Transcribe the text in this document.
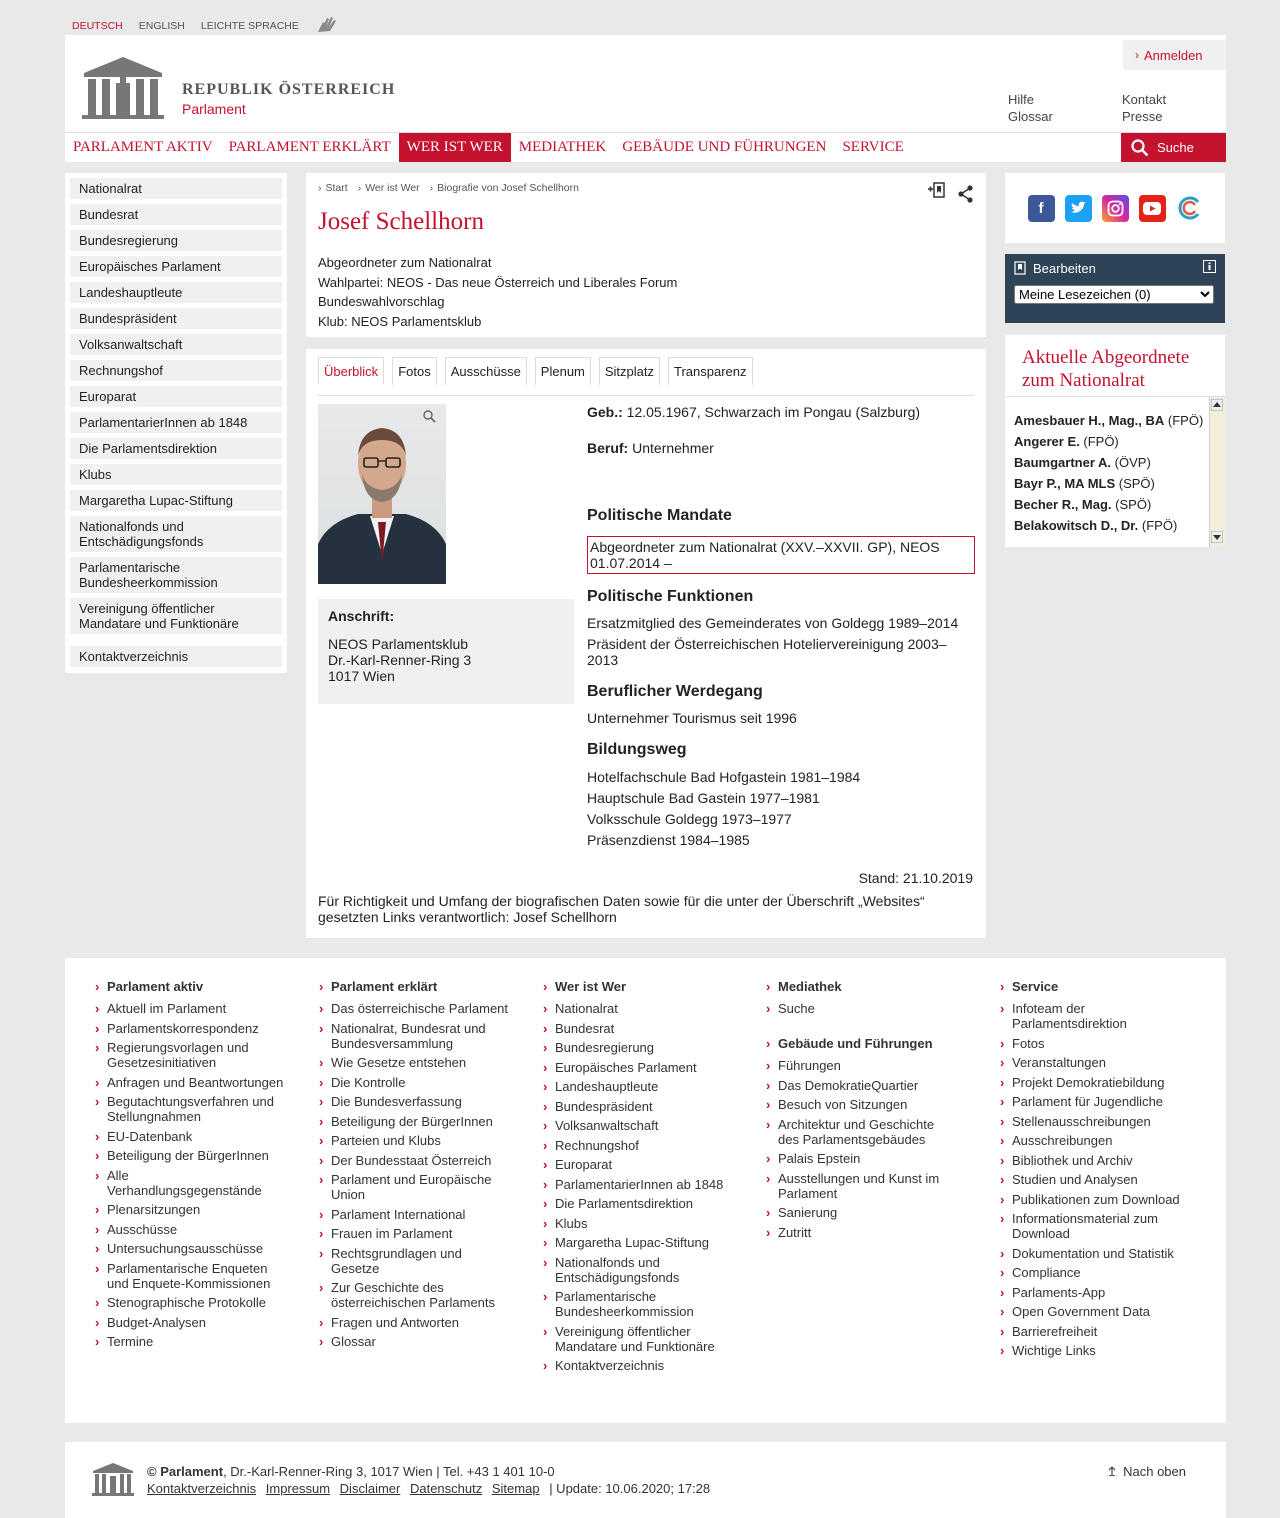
DEUTSCH ENGLISH LEICHTE SPRACHE
› Anmelden
REPUBLIK ÖSTERREICH
Parlament
Hilfe	Kontakt
Glossar	Presse
PARLAMENT AKTIV	PARLAMENT ERKLÄRT	WER IST WER	MEDIATHEK	GEBÄUDE UND FÜHRUNGEN	SERVICE	Suche
Nationalrat
Bundesrat
Bundesregierung
Europäisches Parlament
Landeshauptleute
Bundespräsident
Volksanwaltschaft
Rechnungshof
Europarat
ParlamentarierInnen ab 1848
Die Parlamentsdirektion
Klubs
Margaretha Lupac-Stiftung
Nationalfonds und Entschädigungsfonds
Parlamentarische Bundesheerkommission
Vereinigung öffentlicher Mandatare und Funktionäre
Kontaktverzeichnis
› Start	› Wer ist Wer	› Biografie von Josef Schellhorn
Josef Schellhorn
Abgeordneter zum Nationalrat
Wahlpartei: NEOS - Das neue Österreich und Liberales Forum
Bundeswahlvorschlag
Klub: NEOS Parlamentsklub
Überblick	Fotos	Ausschüsse	Plenum	Sitzplatz	Transparenz
Anschrift:
NEOS Parlamentsklub
Dr.-Karl-Renner-Ring 3
1017 Wien
Geb.: 12.05.1967, Schwarzach im Pongau (Salzburg)
Beruf: Unternehmer
Politische Mandate
Abgeordneter zum Nationalrat (XXV.–XXVII. GP), NEOS
01.07.2014 –
Politische Funktionen
Ersatzmitglied des Gemeinderates von Goldegg 1989–2014
Präsident der Österreichischen Hoteliervereinigung 2003–2013
Beruflicher Werdegang
Unternehmer Tourismus seit 1996
Bildungsweg
Hotelfachschule Bad Hofgastein 1981–1984
Hauptschule Bad Gastein 1977–1981
Volksschule Goldegg 1973–1977
Präsenzdienst 1984–1985
Stand: 21.10.2019
Für Richtigkeit und Umfang der biografischen Daten sowie für die unter der Überschrift „Websites“ gesetzten Links verantwortlich: Josef Schellhorn
f
Bearbeiten
Meine Lesezeichen (0)
Aktuelle Abgeordnete zum Nationalrat
Amesbauer H., Mag., BA (FPÖ)
Angerer E. (FPÖ)
Baumgartner A. (ÖVP)
Bayr P., MA MLS (SPÖ)
Becher R., Mag. (SPÖ)
Belakowitsch D., Dr. (FPÖ)
› Parlament aktiv
› Aktuell im Parlament
› Parlamentskorrespondenz
› Regierungsvorlagen und Gesetzesinitiativen
› Anfragen und Beantwortungen
› Begutachtungsverfahren und Stellungnahmen
› EU-Datenbank
› Beteiligung der BürgerInnen
› Alle Verhandlungsgegenstände
› Plenarsitzungen
› Ausschüsse
› Untersuchungsausschüsse
› Parlamentarische Enqueten und Enquete-Kommissionen
› Stenographische Protokolle
› Budget-Analysen
› Termine
› Parlament erklärt
› Das österreichische Parlament
› Nationalrat, Bundesrat und Bundesversammlung
› Wie Gesetze entstehen
› Die Kontrolle
› Die Bundesverfassung
› Beteiligung der BürgerInnen
› Parteien und Klubs
› Der Bundesstaat Österreich
› Parlament und Europäische Union
› Parlament International
› Frauen im Parlament
› Rechtsgrundlagen und Gesetze
› Zur Geschichte des österreichischen Parlaments
› Fragen und Antworten
› Glossar
› Wer ist Wer
› Nationalrat
› Bundesrat
› Bundesregierung
› Europäisches Parlament
› Landeshauptleute
› Bundespräsident
› Volksanwaltschaft
› Rechnungshof
› Europarat
› ParlamentarierInnen ab 1848
› Die Parlamentsdirektion
› Klubs
› Margaretha Lupac-Stiftung
› Nationalfonds und Entschädigungsfonds
› Parlamentarische Bundesheerkommission
› Vereinigung öffentlicher Mandatare und Funktionäre
› Kontaktverzeichnis
› Mediathek
› Suche
› Gebäude und Führungen
› Führungen
› Das DemokratieQuartier
› Besuch von Sitzungen
› Architektur und Geschichte des Parlamentsgebäudes
› Palais Epstein
› Ausstellungen und Kunst im Parlament
› Sanierung
› Zutritt
› Service
› Infoteam der Parlamentsdirektion
› Fotos
› Veranstaltungen
› Projekt Demokratiebildung
› Parlament für Jugendliche
› Stellenausschreibungen
› Ausschreibungen
› Bibliothek und Archiv
› Studien und Analysen
› Publikationen zum Download
› Informationsmaterial zum Download
› Dokumentation und Statistik
› Compliance
› Parlaments-App
› Open Government Data
› Barrierefreiheit
› Wichtige Links
© Parlament, Dr.-Karl-Renner-Ring 3, 1017 Wien | Tel. +43 1 401 10-0
Kontaktverzeichnis Impressum Disclaimer Datenschutz Sitemap | Update: 10.06.2020; 17:28
Nach oben
